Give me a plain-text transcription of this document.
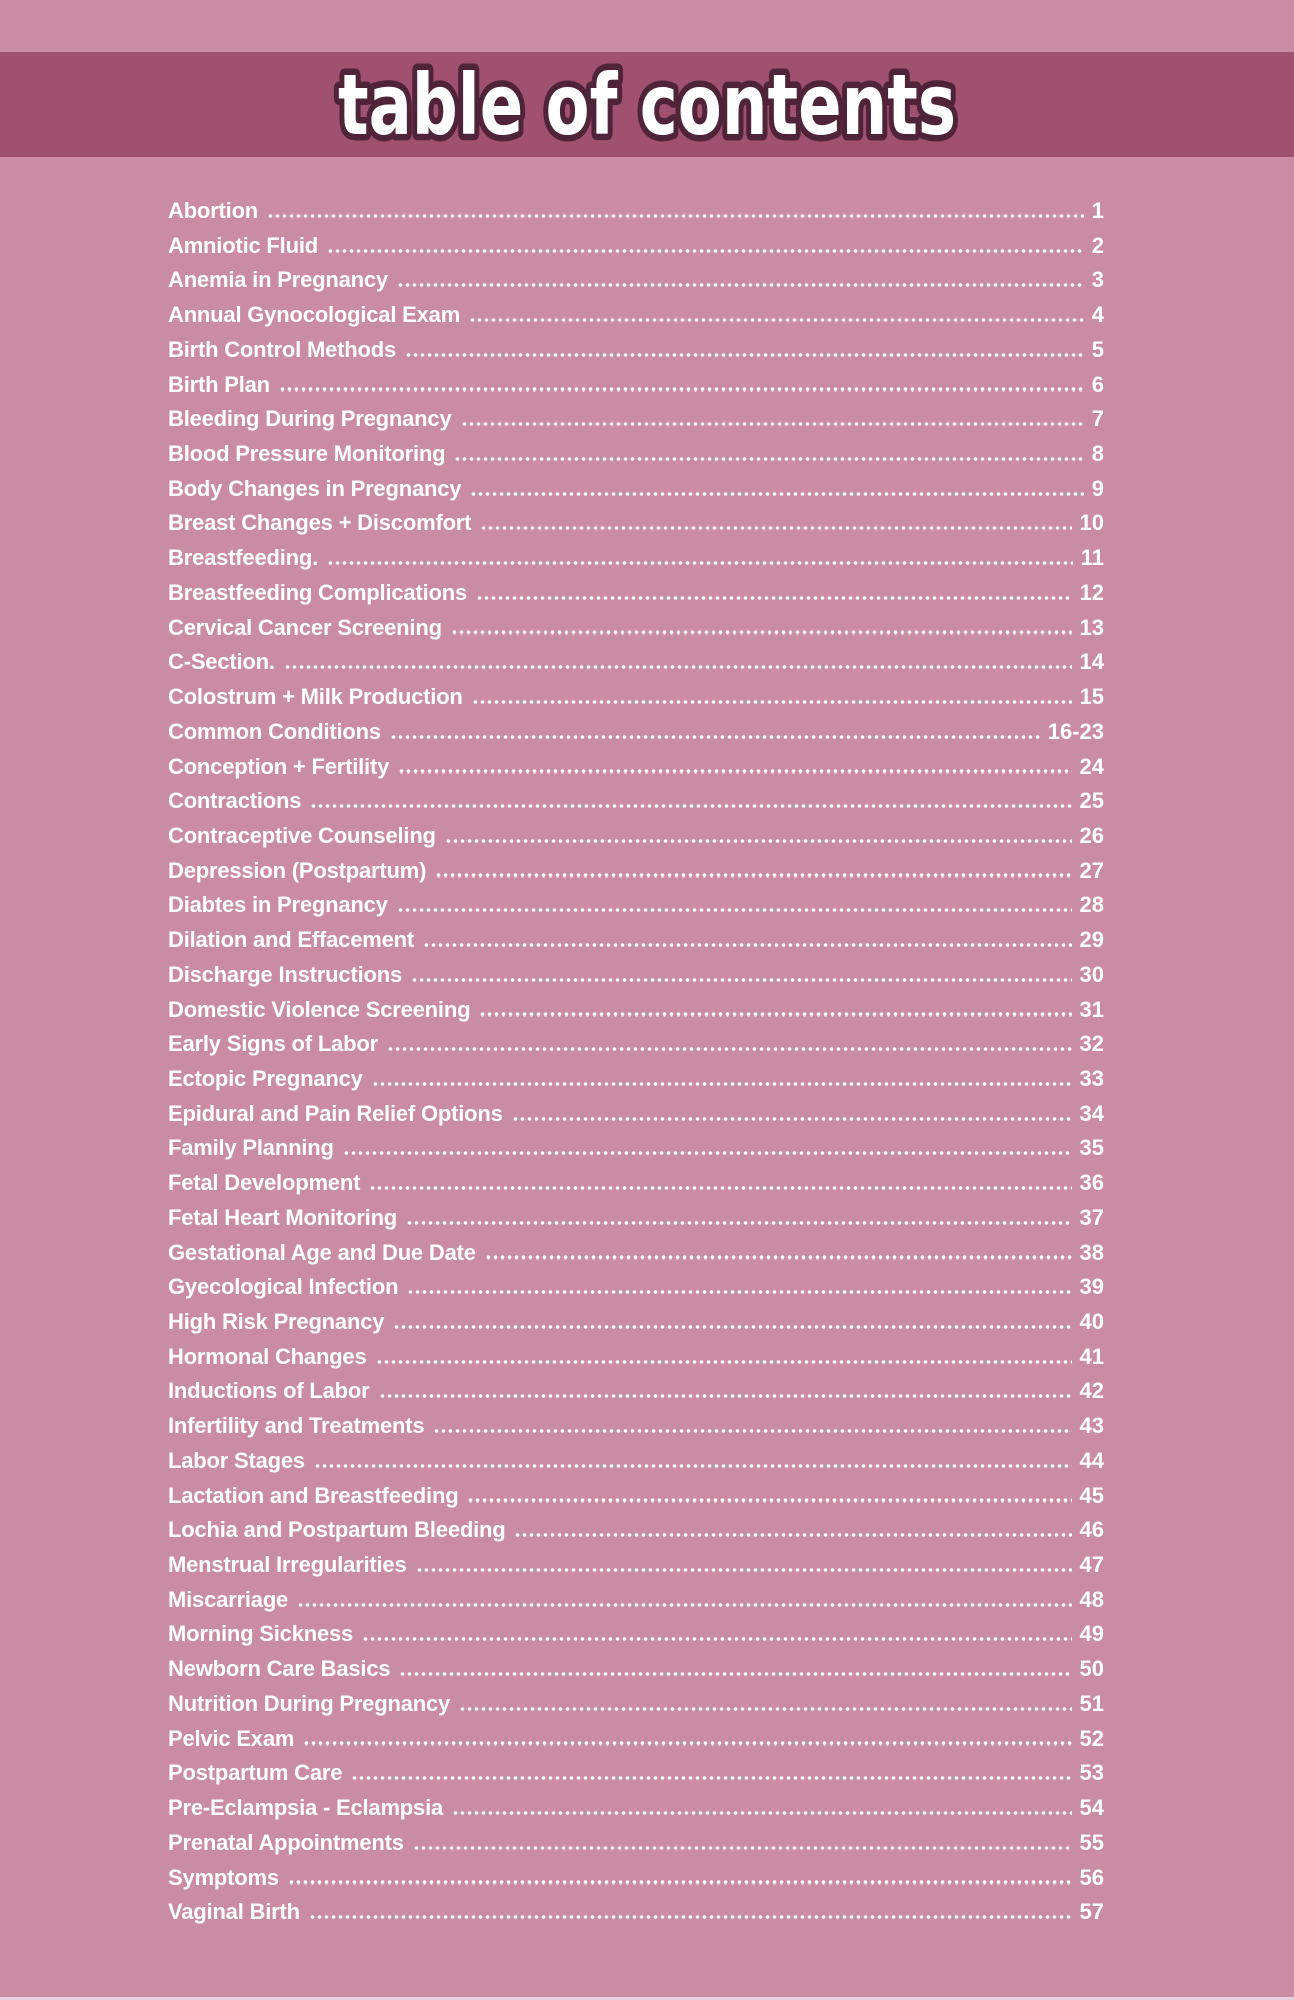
table of contents
Abortion	1
Amniotic Fluid	2
Anemia in Pregnancy	3
Annual Gynocological Exam	4
Birth Control Methods	5
Birth Plan	6
Bleeding During Pregnancy	7
Blood Pressure Monitoring	8
Body Changes in Pregnancy	9
Breast Changes + Discomfort	10
Breastfeeding.	11
Breastfeeding Complications	12
Cervical Cancer Screening	13
C-Section.	14
Colostrum + Milk Production	15
Common Conditions	16-23
Conception + Fertility	24
Contractions	25
Contraceptive Counseling	26
Depression (Postpartum)	27
Diabtes in Pregnancy	28
Dilation and Effacement	29
Discharge Instructions	30
Domestic Violence Screening	31
Early Signs of Labor	32
Ectopic Pregnancy	33
Epidural and Pain Relief Options	34
Family Planning	35
Fetal Development	36
Fetal Heart Monitoring	37
Gestational Age and Due Date	38
Gyecological Infection	39
High Risk Pregnancy	40
Hormonal Changes	41
Inductions of Labor	42
Infertility and Treatments	43
Labor Stages	44
Lactation and Breastfeeding	45
Lochia and Postpartum Bleeding	46
Menstrual Irregularities	47
Miscarriage	48
Morning Sickness	49
Newborn Care Basics	50
Nutrition During Pregnancy	51
Pelvic Exam	52
Postpartum Care	53
Pre-Eclampsia - Eclampsia	54
Prenatal Appointments	55
Symptoms	56
Vaginal Birth	57
